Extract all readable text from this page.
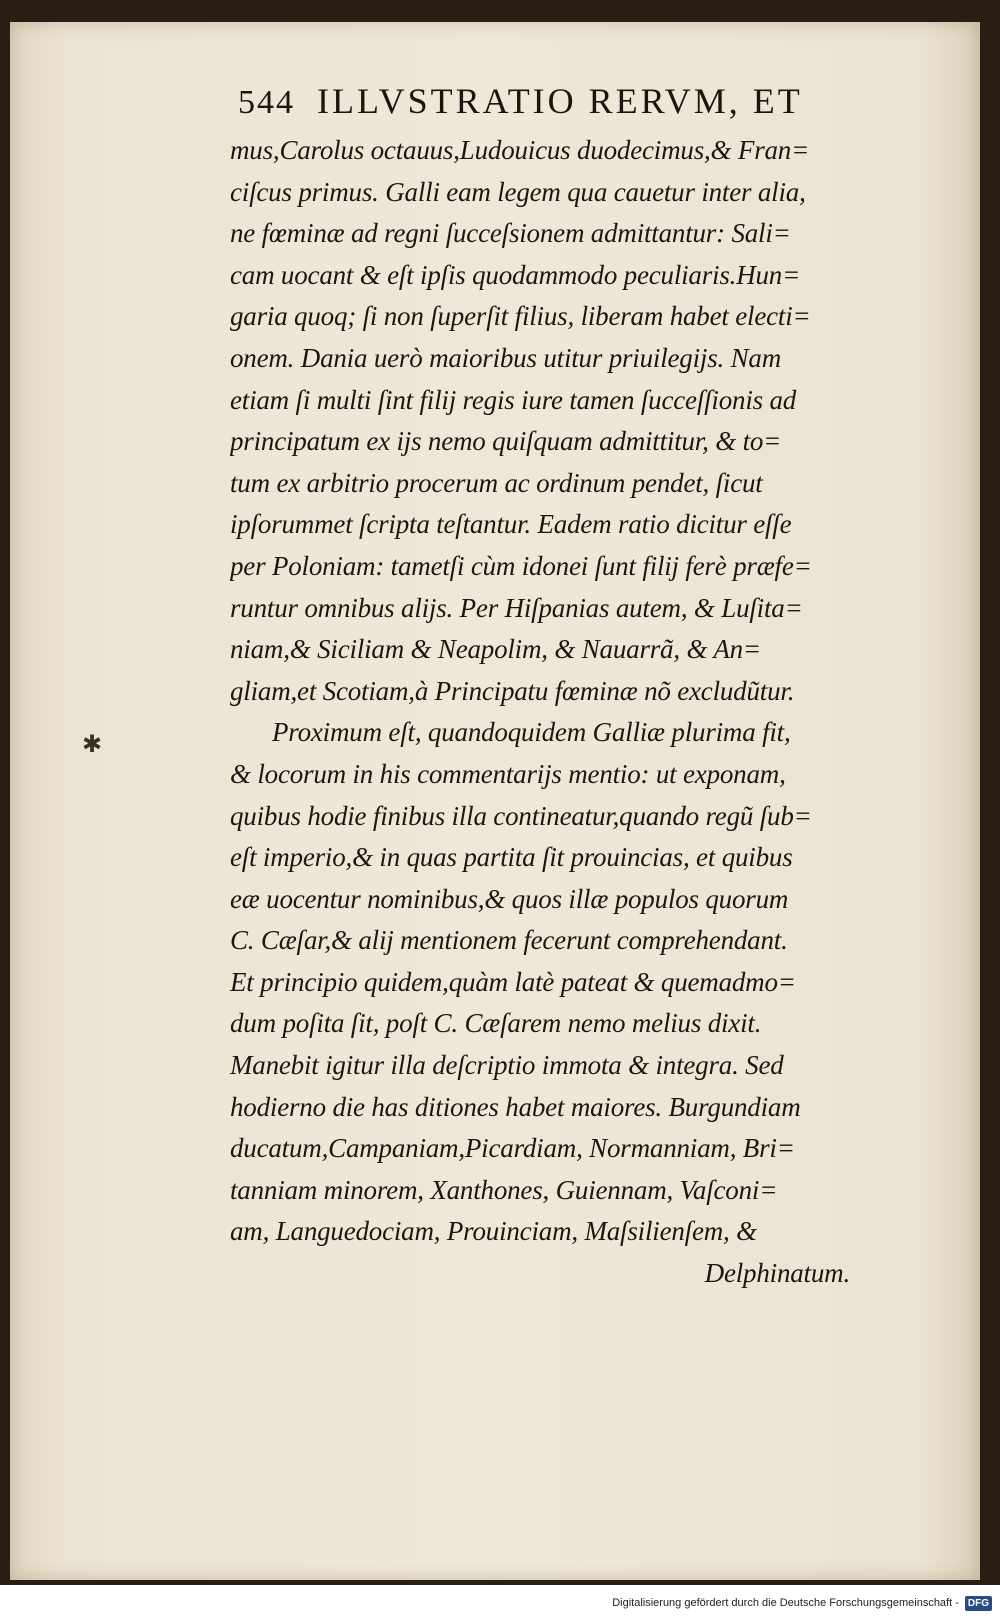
544 ILLVSTRATIO RERVM, ET
mus,Carolus octauus,Ludouicus duodecimus,& Fran=
ciſcus primus. Galli eam legem qua cauetur inter alia,
ne fœminæ ad regni ſucceſsionem admittantur: Sali=
cam uocant & eſt ipſis quodammodo peculiaris.Hun=
garia quoq; ſi non ſuperſit filius, liberam habet electi=
onem. Dania uerò maioribus utitur priuilegijs. Nam
etiam ſi multi ſint filij regis iure tamen ſucceſſionis ad
principatum ex ijs nemo quiſquam admittitur, & to=
tum ex arbitrio procerum ac ordinum pendet, ſicut
ipſorummet ſcripta teſtantur. Eadem ratio dicitur eſſe
per Poloniam: tametſi cùm idonei ſunt filij ferè præfe=
runtur omnibus alijs. Per Hiſpanias autem, & Luſita=
niam,& Siciliam & Neapolim, & Nauarrã, & An=
gliam,et Scotiam,à Principatu fœminæ nõ excludũtur.
Proximum eſt, quandoquidem Galliæ plurima fit,
& locorum in his commentarijs mentio: ut exponam,
quibus hodie finibus illa contineatur,quando regũ ſub=
eſt imperio,& in quas partita ſit prouincias, et quibus
eæ uocentur nominibus,& quos illæ populos quorum
C. Cæſar,& alij mentionem fecerunt comprehendant.
Et principio quidem,quàm latè pateat & quemadmo=
dum poſita ſit, poſt C. Cæſarem nemo melius dixit.
Manebit igitur illa deſcriptio immota & integra. Sed
hodierno die has ditiones habet maiores. Burgundiam
ducatum,Campaniam,Picardiam, Normanniam, Bri=
tanniam minorem, Xanthones, Guiennam, Vaſconi=
am, Languedociam, Prouinciam, Maſsilienſem, &
Delphinatum.
✱
Digitalisierung gefördert durch die Deutsche Forschungsgemeinschaft - DFG
